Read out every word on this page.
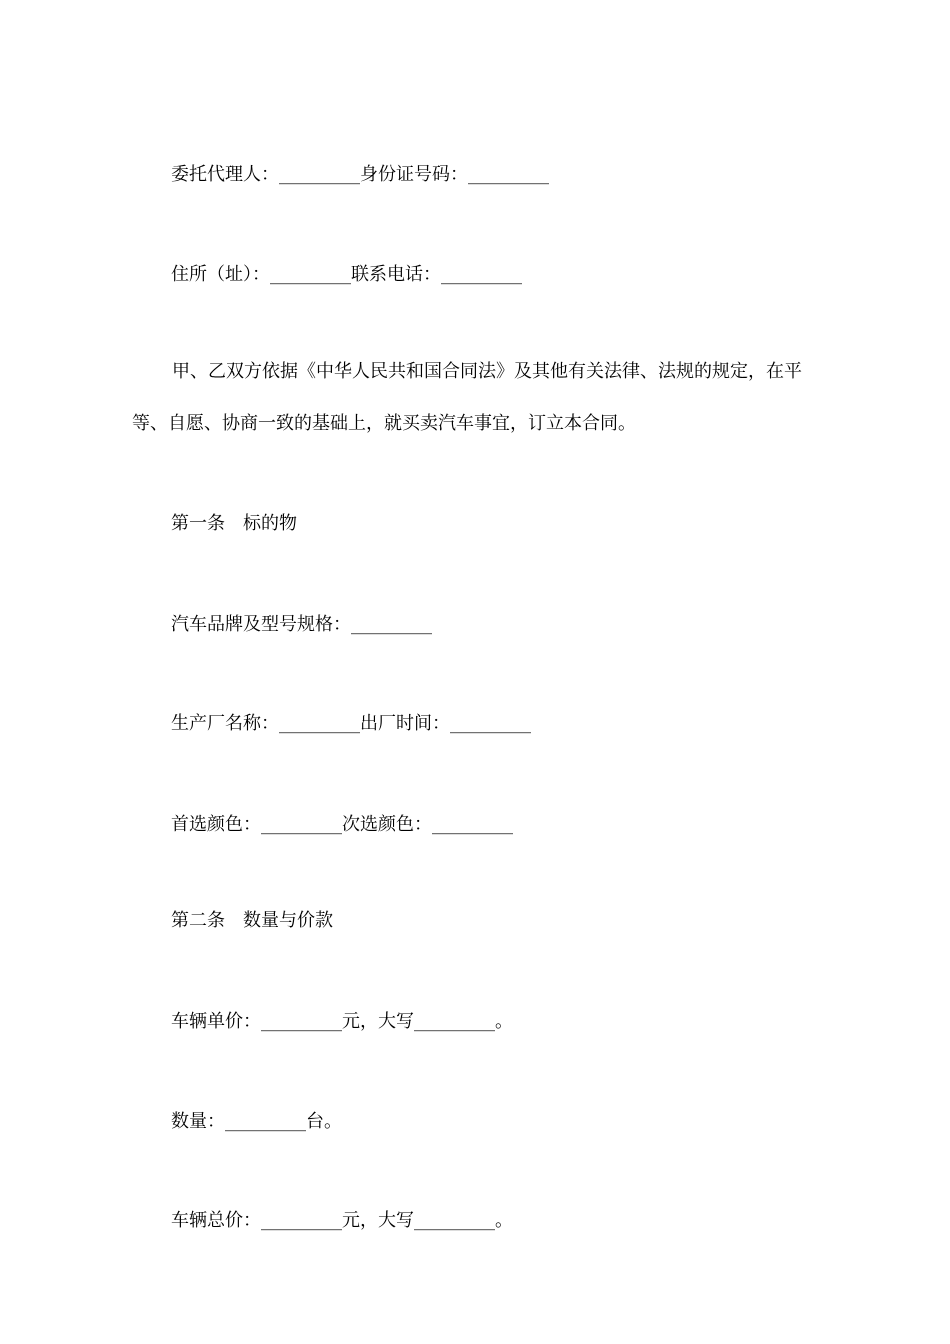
委托代理人：_________身份证号码：_________
住所（址）：_________联系电话：_________
甲、乙双方依据《中华人民共和国合同法》及其他有关法律、法规的规定，在平等、自愿、协商一致的基础上，就买卖汽车事宜，订立本合同。
第一条 标的物
汽车品牌及型号规格：_________
生产厂名称：_________出厂时间：_________
首选颜色：_________次选颜色：_________
第二条 数量与价款
车辆单价：_________元，大写_________。
数量：_________台。
车辆总价：_________元，大写_________。
